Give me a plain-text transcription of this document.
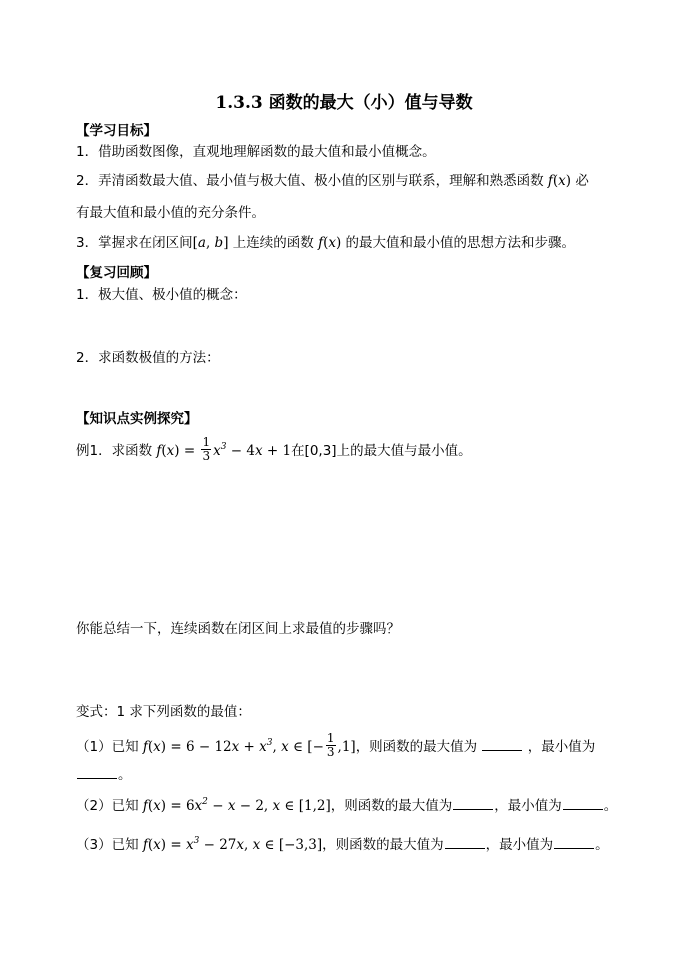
1.3.3 函数的最大（小）值与导数
【学习目标】
1．借助函数图像，直观地理解函数的最大值和最小值概念。
2．弄清函数最大值、最小值与极大值、极小值的区别与联系，理解和熟悉函数 f(x) 必
有最大值和最小值的充分条件。
3．掌握求在闭区间[a, b] 上连续的函数 f(x) 的最大值和最小值的思想方法和步骤。
【复习回顾】
1．极大值、极小值的概念：
2．求函数极值的方法：
【知识点实例探究】
例1．求函数 $f(x) = \frac{1}{3} x^3 - 4x + 1$在[0,3]上的最大值与最小值。
你能总结一下，连续函数在闭区间上求最值的步骤吗？
变式：1 求下列函数的最值：
（1）已知 $f(x) = 6 - 12x + x^3$, x ∈ [− $\frac{1}{3} ,1$]，则函数的最大值为	，最小值为
。
（2）已知 $f(x) = 6x^2 - x - 2$, x ∈ [1,2]，则函数的最大值为	，最小值为	。
（3）已知 $f(x) = x^3 - 27x$, x ∈ [−3,3]，则函数的最大值为	，最小值为	。
